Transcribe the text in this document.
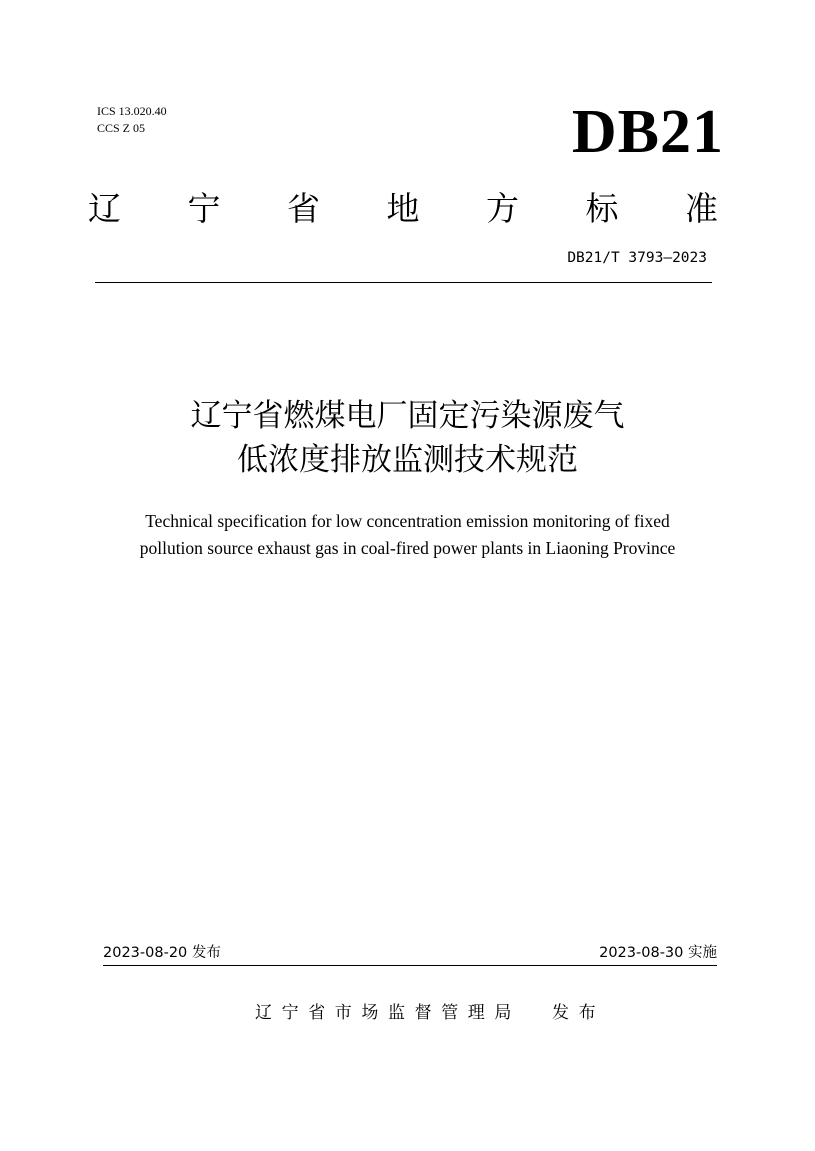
ICS 13.020.40
CCS Z 05	DB21
辽 宁 省 地 方 标 准
DB21/T 3793—2023
辽宁省燃煤电厂固定污染源废气
低浓度排放监测技术规范
Technical specification for low concentration emission monitoring of fixed
pollution source exhaust gas in coal-fired power plants in Liaoning Province
2023-08-20 发布	2023-08-30 实施
辽宁省市场监督管理局 发布
